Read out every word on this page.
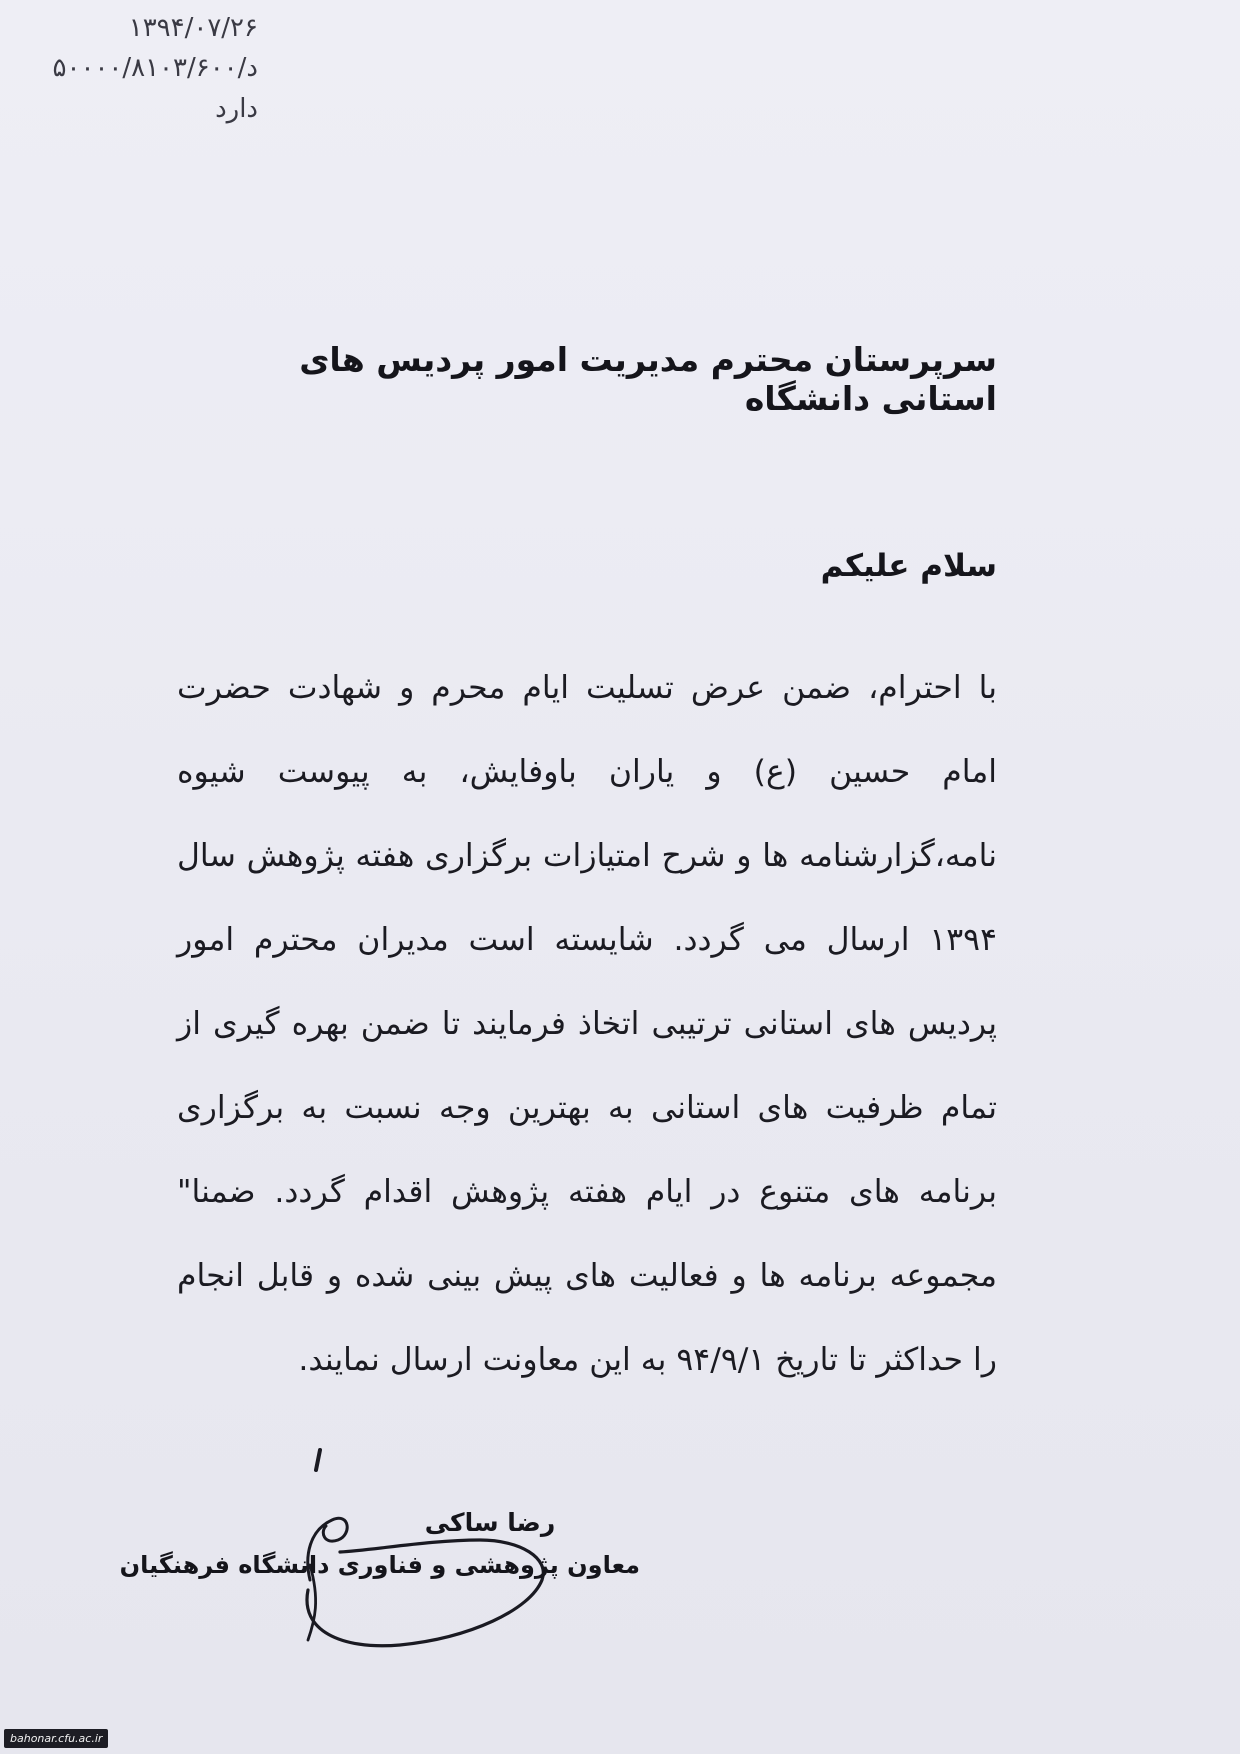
۱۳۹۴/۰۷/۲۶
د/۵۰۰۰۰/۸۱۰۳/۶۰۰
دارد
سرپرستان محترم مدیریت امور پردیس های استانی دانشگاه
سلام علیکم
با احترام، ضمن عرض تسلیت ایام محرم و شهادت حضرت امام حسین (ع) و یاران باوفایش، به پیوست شیوه نامه،گزارشنامه ها و شرح امتیازات برگزاری هفته پژوهش سال ۱۳۹۴ ارسال می گردد. شایسته است مدیران محترم امور پردیس های استانی ترتیبی اتخاذ فرمایند تا ضمن بهره گیری از تمام ظرفیت های استانی به بهترین وجه نسبت به برگزاری برنامه های متنوع در ایام هفته پژوهش اقدام گردد. ضمنا" مجموعه برنامه ها و فعالیت های پیش بینی شده و قابل انجام را حداکثر تا تاریخ ۹۴/۹/۱ به این معاونت ارسال نمایند.
رضا ساکی
معاون پژوهشی و فناوری دانشگاه فرهنگیان
bahonar.cfu.ac.ir
